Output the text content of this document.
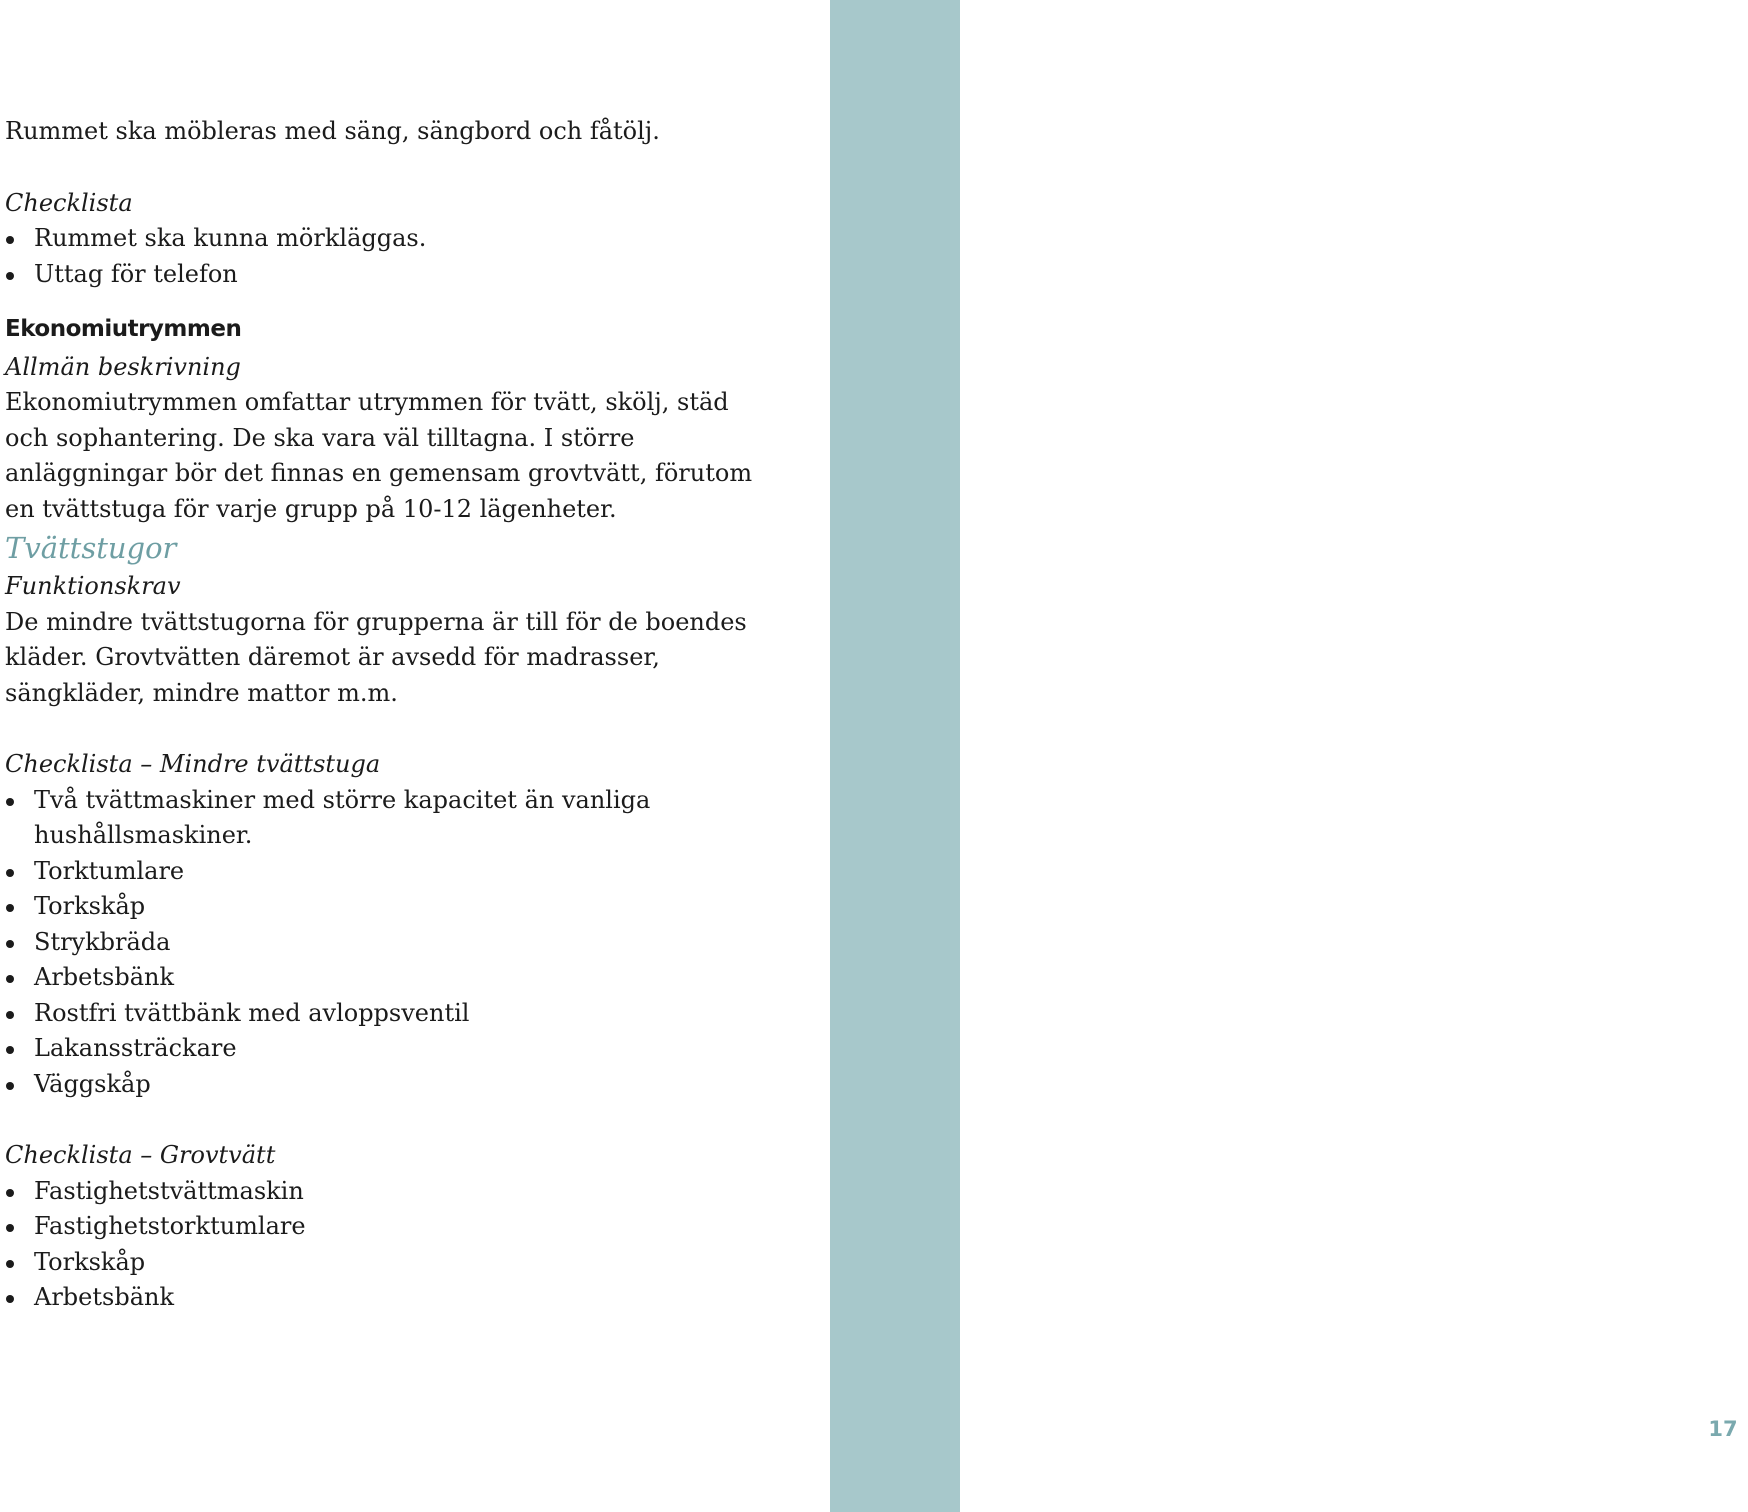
17

Rummet ska möbleras med säng, sängbord och fåtölj.

Checklista

Rummet ska kunna mörkläggas.
Uttag för telefon

Ekonomiutrymmen

Allmän beskrivning

Ekonomiutrymmen omfattar utrymmen för tvätt, skölj, städ

och sophantering. De ska vara väl tilltagna. I större

anläggningar bör det finnas en gemensam grovtvätt, förutom

en tvättstuga för varje grupp på 10-12 lägenheter.

Tvättstugor

Funktionskrav

De mindre tvättstugorna för grupperna är till för de boendes

kläder. Grovtvätten däremot är avsedd för madrasser,

sängkläder, mindre mattor m.m.

Checklista – Mindre tvättstuga

Två tvättmaskiner med större kapacitet än vanliga
hushållsmaskiner.
Torktumlare
Torkskåp
Strykbräda
Arbetsbänk
Rostfri tvättbänk med avloppsventil
Lakanssträckare
Väggskåp

Checklista – Grovtvätt

Fastighetstvättmaskin
Fastighetstorktumlare
Torkskåp
Arbetsbänk
